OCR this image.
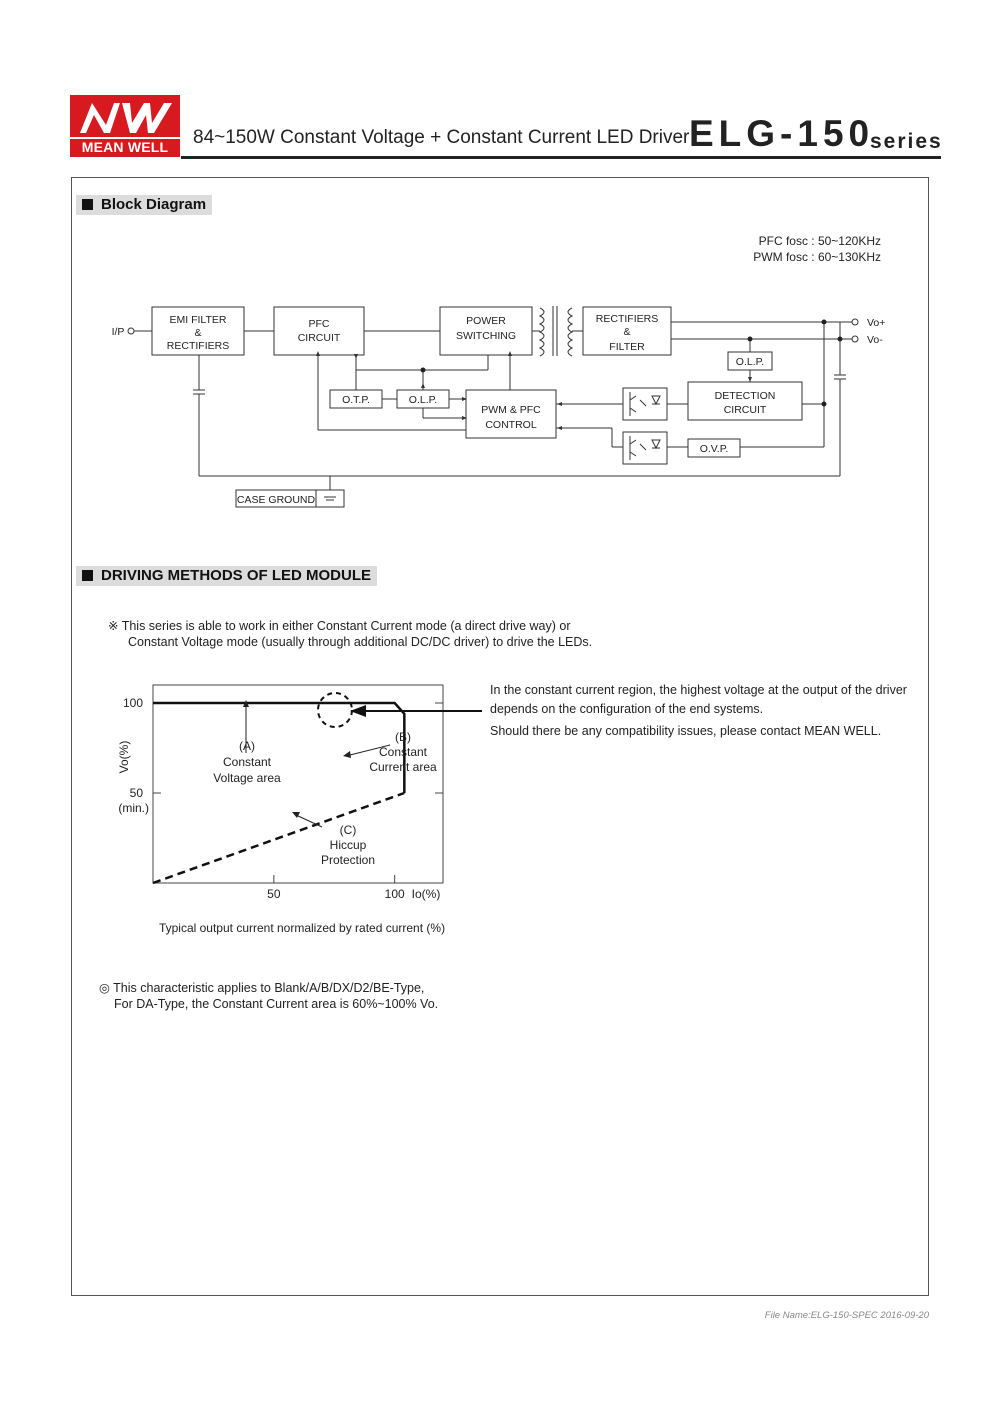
MEAN WELL	84~150W Constant Voltage + Constant Current LED Driver ELG-150
series
Block Diagram
PFC fosc : 50~120KHz
PWM fosc : 60~130KHz
I/P
EMI FILTER
&
RECTIFIERS
PFC
CIRCUIT
POWER
SWITCHING
RECTIFIERS
&
FILTER
O.L.P.
O.T.P.	O.L.P.
PWM & PFC
CONTROL
DETECTION
CIRCUIT
O.V.P.
CASE GROUND
Vo+
Vo-
DRIVING METHODS OF LED MODULE
※ This series is able to work in either Constant Current mode (a direct drive way) or
Constant Voltage mode (usually through additional DC/DC driver) to drive the LEDs.
50	100
100
50
(min.)
Vo(%)
Io(%)
(A)
Constant
Voltage area
(B)
Constant
Current area
(C)
Hiccup
Protection
Typical output current normalized by rated current (%)
In the constant current region, the highest voltage at the output of the driver
depends on the configuration of the end systems.
Should there be any compatibility issues, please contact MEAN WELL.
◎ This characteristic applies to Blank/A/B/DX/D2/BE-Type,
For DA-Type, the Constant Current area is 60%~100% Vo.
File Name:ELG-150-SPEC 2016-09-20
